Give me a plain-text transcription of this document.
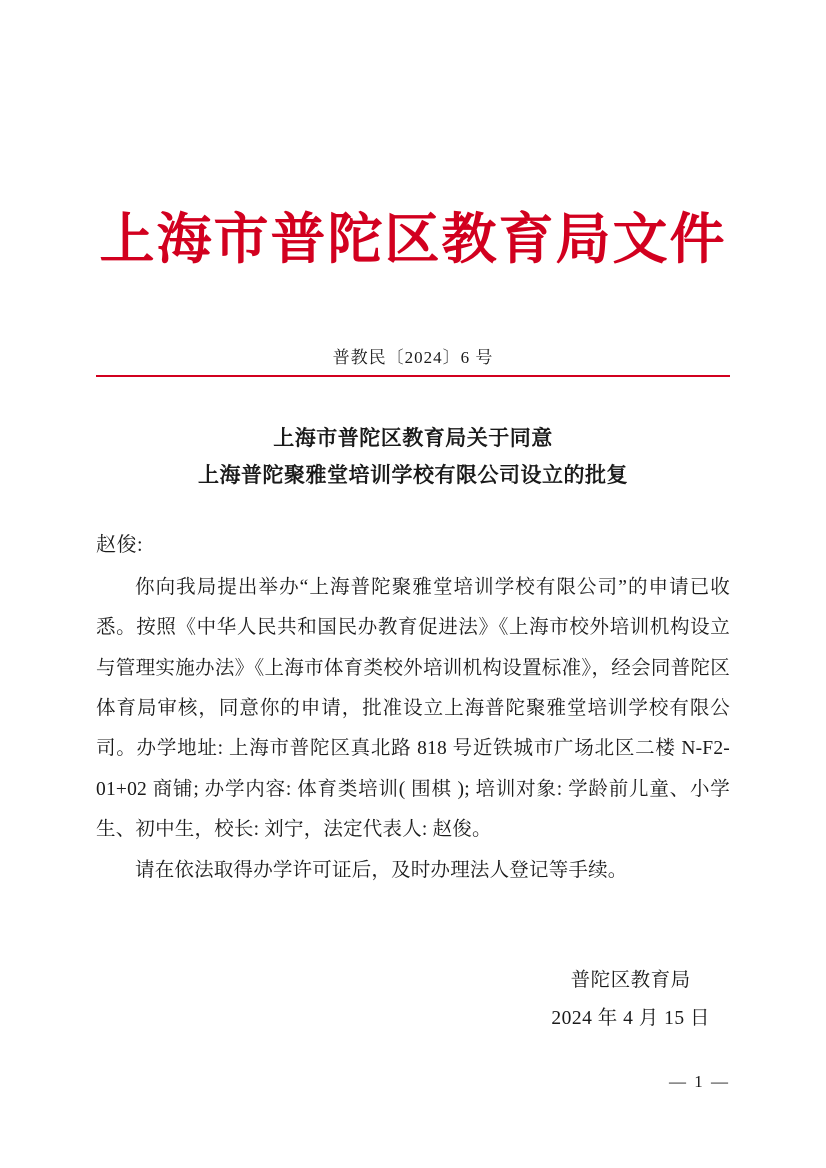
上海市普陀区教育局文件
普教民〔2024〕6 号
上海市普陀区教育局关于同意
上海普陀聚雅堂培训学校有限公司设立的批复
赵俊:

你向我局提出举办“上海普陀聚雅堂培训学校有限公司”的申请已收悉。按照《中华人民共和国民办教育促进法》《上海市校外培训机构设立与管理实施办法》《上海市体育类校外培训机构设置标准》，经会同普陀区体育局审核，同意你的申请，批准设立上海普陀聚雅堂培训学校有限公司。办学地址: 上海市普陀区真北路 818 号近铁城市广场北区二楼 N-F2-01+02 商铺; 办学内容: 体育类培训( 围棋 ); 培训对象: 学龄前儿童、小学生、初中生，校长: 刘宁，法定代表人: 赵俊。

请在依法取得办学许可证后，及时办理法人登记等手续。

普陀区教育局
2024 年 4 月 15 日
— 1 —
